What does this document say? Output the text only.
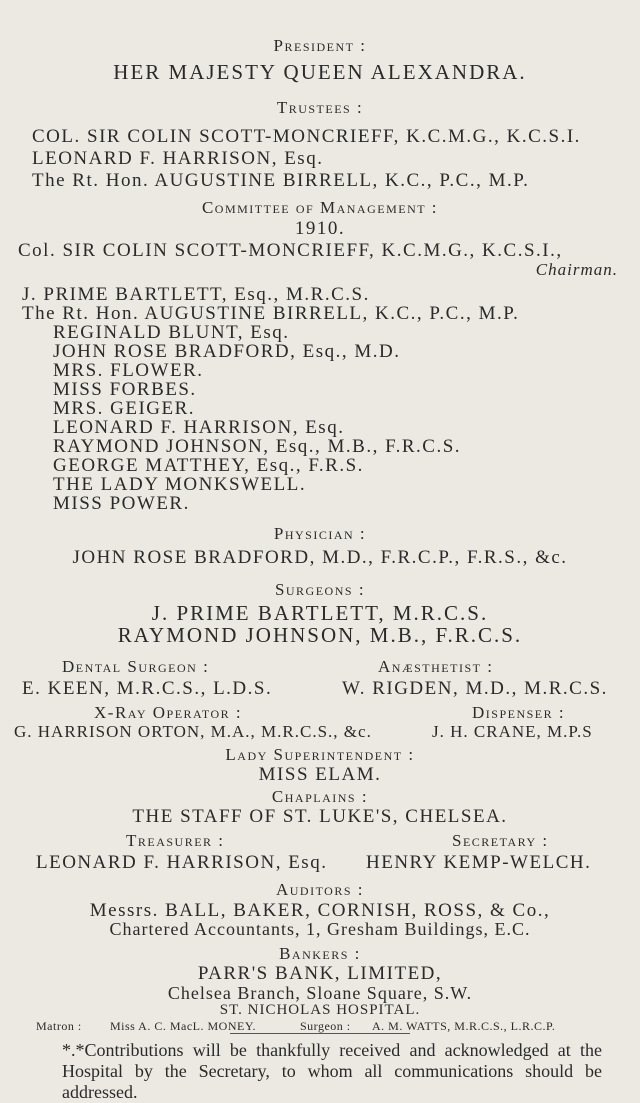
President :
HER MAJESTY QUEEN ALEXANDRA.
Trustees :
COL. SIR COLIN SCOTT-MONCRIEFF, K.C.M.G., K.C.S.I.
LEONARD F. HARRISON, Esq.
The Rt. Hon. AUGUSTINE BIRRELL, K.C., P.C., M.P.
Committee of Management :
1910.
Col. SIR COLIN SCOTT-MONCRIEFF, K.C.M.G., K.C.S.I.,
Chairman.
J. PRIME BARTLETT, Esq., M.R.C.S.
The Rt. Hon. AUGUSTINE BIRRELL, K.C., P.C., M.P.
REGINALD BLUNT, Esq.
JOHN ROSE BRADFORD, Esq., M.D.
MRS. FLOWER.
MISS FORBES.
MRS. GEIGER.
LEONARD F. HARRISON, Esq.
RAYMOND JOHNSON, Esq., M.B., F.R.C.S.
GEORGE MATTHEY, Esq., F.R.S.
THE LADY MONKSWELL.
MISS POWER.
Physician :
JOHN ROSE BRADFORD, M.D., F.R.C.P., F.R.S., &c.
Surgeons :
J. PRIME BARTLETT, M.R.C.S.
RAYMOND JOHNSON, M.B., F.R.C.S.
Dental Surgeon :
E. KEEN, M.R.C.S., L.D.S.
Anæsthetist :
W. RIGDEN, M.D., M.R.C.S.
X-Ray Operator :
G. HARRISON ORTON, M.A., M.R.C.S., &c.
Dispenser :
J. H. CRANE, M.P.S
Lady Superintendent :
MISS ELAM.
Chaplains :
THE STAFF OF ST. LUKE'S, CHELSEA.
Treasurer :
LEONARD F. HARRISON, Esq.
Secretary :
HENRY KEMP-WELCH.
Auditors :
Messrs. BALL, BAKER, CORNISH, ROSS, & Co.,
Chartered Accountants, 1, Gresham Buildings, E.C.
Bankers :
PARR'S BANK, LIMITED,
Chelsea Branch, Sloane Square, S.W.
ST. NICHOLAS HOSPITAL.
Matron : Miss A. C. MacL. MONEY.	Surgeon : A. M. WATTS, M.R.C.S., L.R.C.P.
*.*Contributions will be thankfully received and acknowledged at the Hospital by the Secretary, to whom all communications should be addressed.
